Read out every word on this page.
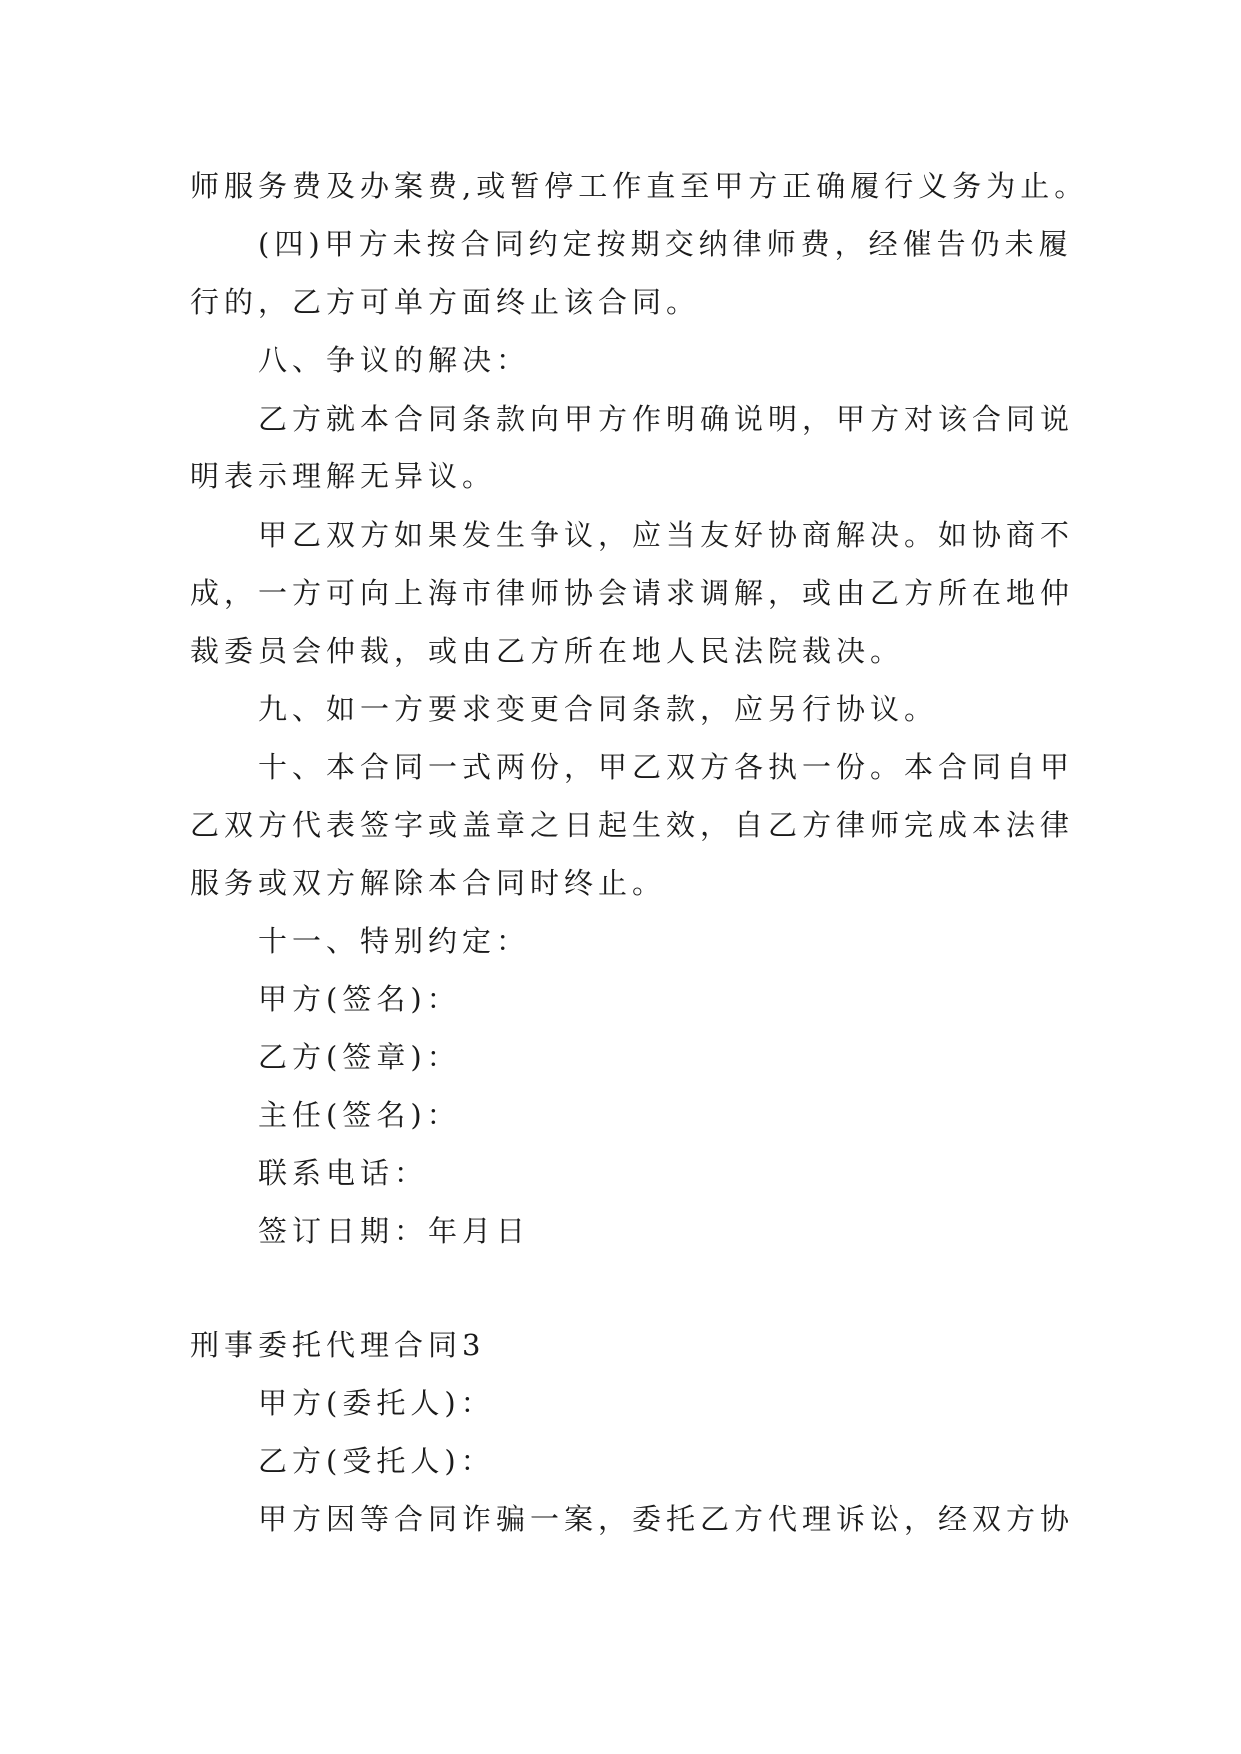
师服务费及办案费,或暂停工作直至甲方正确履行义务为止。
(四)甲方未按合同约定按期交纳律师费，经催告仍未履
行的，乙方可单方面终止该合同。
八、争议的解决：
乙方就本合同条款向甲方作明确说明，甲方对该合同说
明表示理解无异议。
甲乙双方如果发生争议，应当友好协商解决。如协商不
成，一方可向上海市律师协会请求调解，或由乙方所在地仲
裁委员会仲裁，或由乙方所在地人民法院裁决。
九、如一方要求变更合同条款，应另行协议。
十、本合同一式两份，甲乙双方各执一份。本合同自甲
乙双方代表签字或盖章之日起生效，自乙方律师完成本法律
服务或双方解除本合同时终止。
十一、特别约定：
甲方(签名)：
乙方(签章)：
主任(签名)：
联系电话：
签订日期：年月日
刑事委托代理合同3
甲方(委托人)：
乙方(受托人)：
甲方因等合同诈骗一案，委托乙方代理诉讼，经双方协
